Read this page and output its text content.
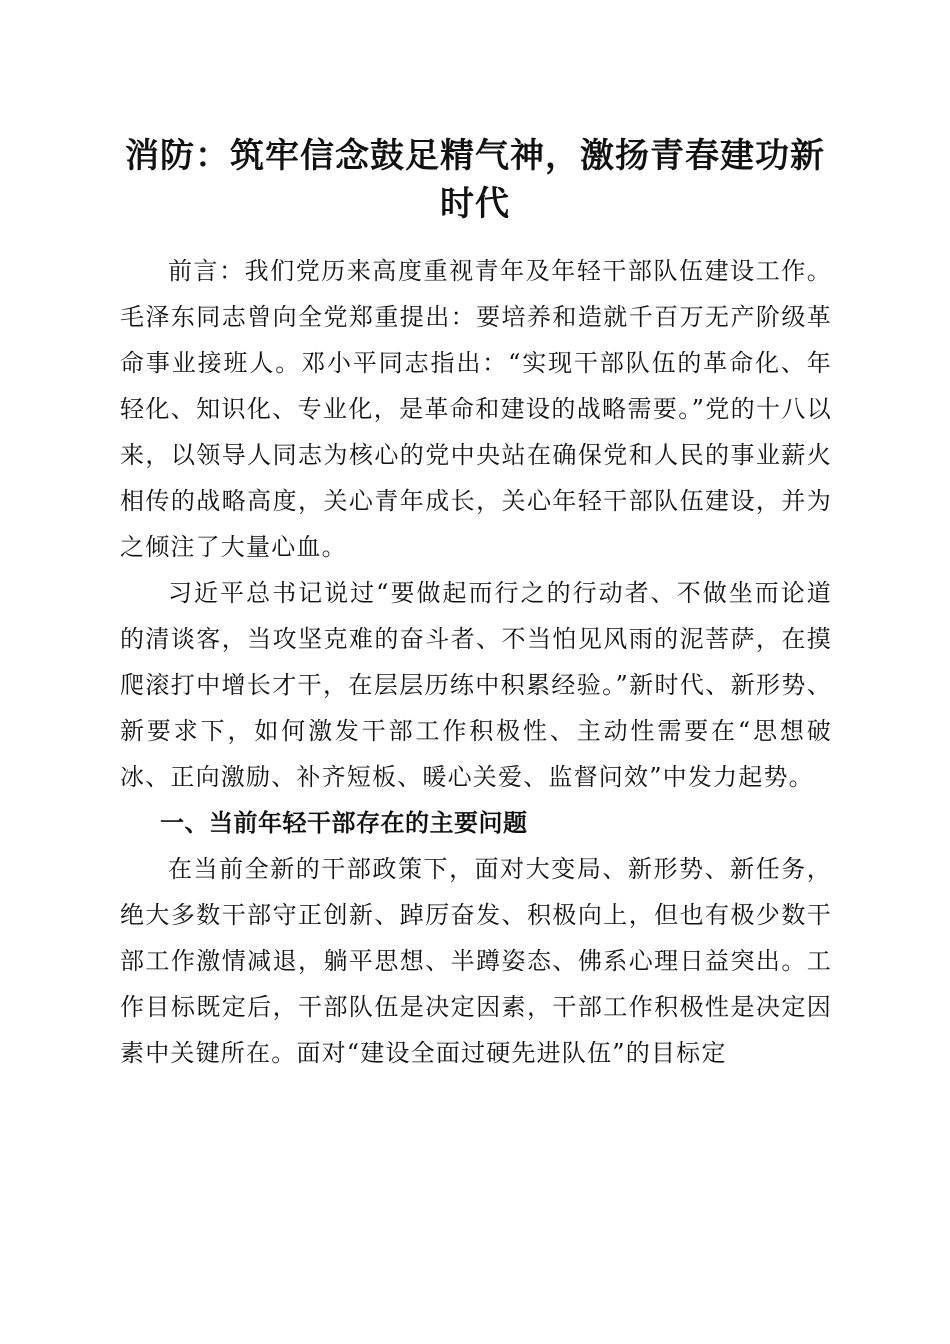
消防：筑牢信念鼓足精气神，激扬青春建功新时代

前言：我们党历来高度重视青年及年轻干部队伍建设工作。毛泽东同志曾向全党郑重提出：要培养和造就千百万无产阶级革命事业接班人。邓小平同志指出：“实现干部队伍的革命化、年轻化、知识化、专业化，是革命和建设的战略需要。”党的十八以来，以领导人同志为核心的党中央站在确保党和人民的事业薪火相传的战略高度，关心青年成长，关心年轻干部队伍建设，并为之倾注了大量心血。

习近平总书记说过“要做起而行之的行动者、不做坐而论道的清谈客，当攻坚克难的奋斗者、不当怕见风雨的泥菩萨，在摸爬滚打中增长才干，在层层历练中积累经验。”新时代、新形势、新要求下，如何激发干部工作积极性、主动性需要在“思想破冰、正向激励、补齐短板、暖心关爱、监督问效”中发力起势。

一、当前年轻干部存在的主要问题

在当前全新的干部政策下，面对大变局、新形势、新任务，绝大多数干部守正创新、踔厉奋发、积极向上，但也有极少数干部工作激情减退，躺平思想、半蹲姿态、佛系心理日益突出。工作目标既定后，干部队伍是决定因素，干部工作积极性是决定因素中关键所在。面对“建设全面过硬先进队伍”的目标定
